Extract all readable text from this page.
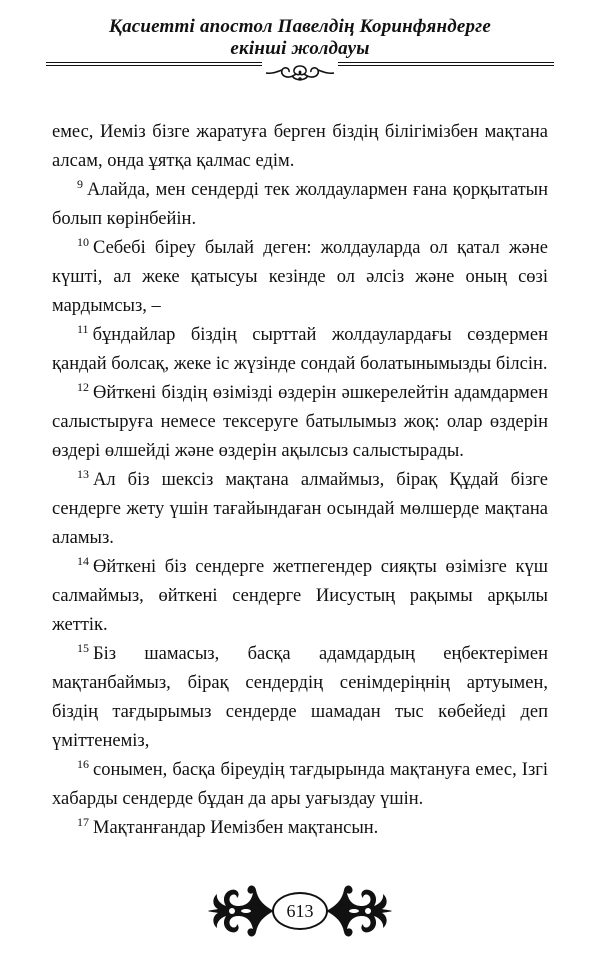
Қасиетті апостол Павелдің Коринфяндерге
екінші жолдауы

емес, Иеміз бізге жаратуға берген біздің білігімізбен мақтана алсам, онда ұятқа қалмас едім.

$^9$ Алайда, мен сендерді тек жолдаулармен ғана қорқытатын болып көрінбейін.

$^{10}$ Себебі біреу былай деген: жолдауларда ол қатал және күшті, ал жеке қатысуы кезінде ол әлсіз және оның сөзі мардымсыз, –

$^{11}$ бұндайлар біздің сырттай жолдаулардағы сөздермен қандай болсақ, жеке іс жүзінде сондай болатынымызды білсін.

$^{12}$ Өйткені біздің өзімізді өздерін әшкерелейтін адамдармен салыстыруға немесе тексеруге батылымыз жоқ: олар өздерін өздері өлшейді және өздерін ақылсыз салыстырады.

$^{13}$ Ал біз шексіз мақтана алмаймыз, бірақ Құдай бізге сендерге жету үшін тағайындаған осындай мөлшерде мақтана аламыз.

$^{14}$ Өйткені біз сендерге жетпегендер сияқты өзімізге күш салмаймыз, өйткені сендерге Иисустың рақымы арқылы жеттік.

$^{15}$ Біз шамасыз, басқа адамдардың еңбектерімен мақтанбаймыз, бірақ сендердің сенімдеріңнің артуымен, біздің тағдырымыз сендерде шамадан тыс көбейеді деп үміттенеміз,

$^{16}$ сонымен, басқа біреудің тағдырында мақтануға емес, Ізгі хабарды сендерде бұдан да ары уағыздау үшін.

$^{17}$ Мақтанғандар Иемізбен мақтансын.

613
